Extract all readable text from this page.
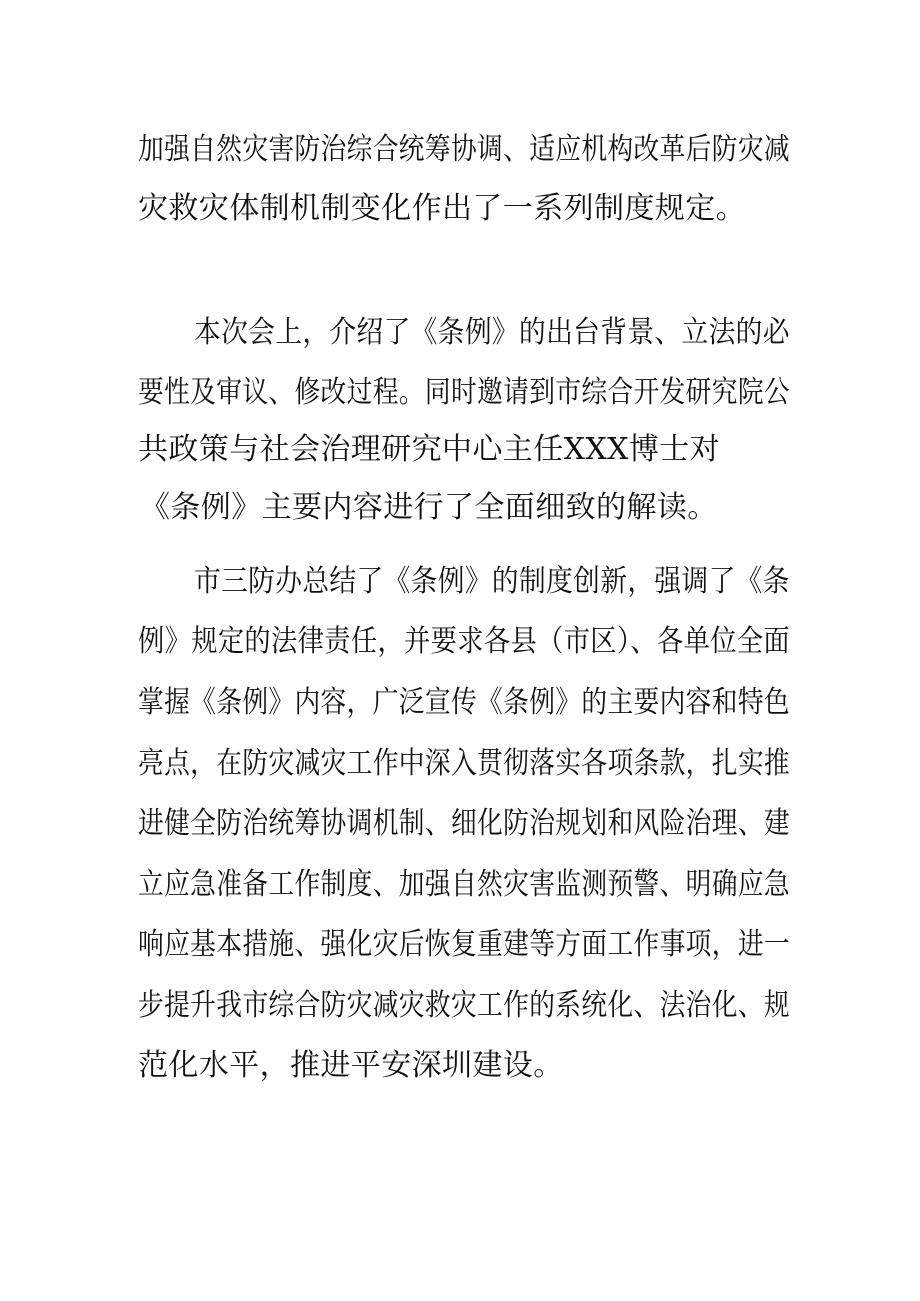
加强自然灾害防治综合统筹协调、适应机构改革后防灾减
灾救灾体制机制变化作出了一系列制度规定。
本次会上，介绍了《条例》的出台背景、立法的必
要性及审议、修改过程。同时邀请到市综合开发研究院公
共政策与社会治理研究中心主任XXX博士对
《条例》主要内容进行了全面细致的解读。
市三防办总结了《条例》的制度创新，强调了《条
例》规定的法律责任，并要求各县（市区）、各单位全面
掌握《条例》内容，广泛宣传《条例》的主要内容和特色
亮点，在防灾减灾工作中深入贯彻落实各项条款，扎实推
进健全防治统筹协调机制、细化防治规划和风险治理、建
立应急准备工作制度、加强自然灾害监测预警、明确应急
响应基本措施、强化灾后恢复重建等方面工作事项，进一
步提升我市综合防灾减灾救灾工作的系统化、法治化、规
范化水平，推进平安深圳建设。
